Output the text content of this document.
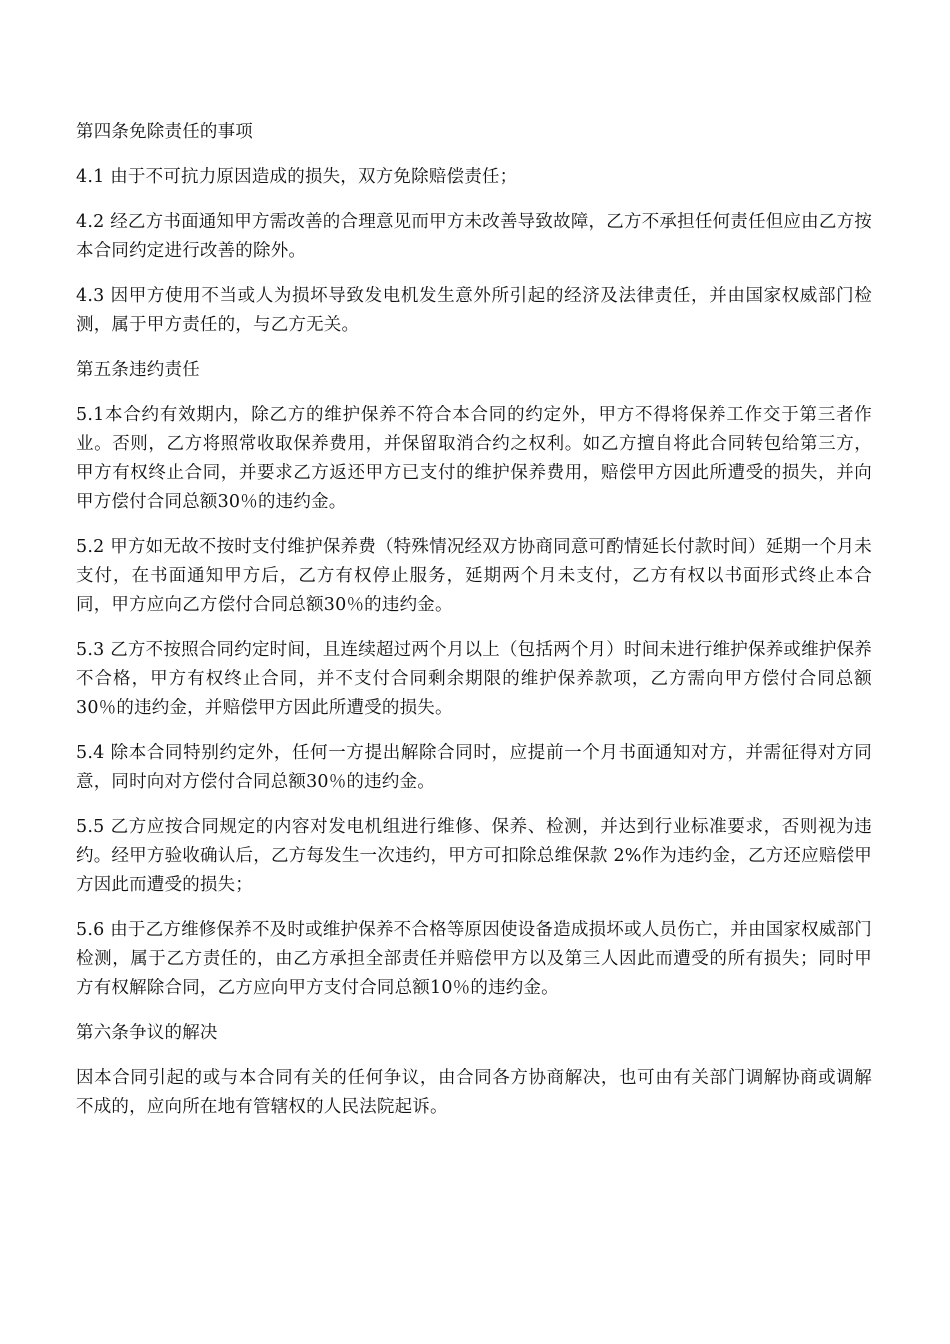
第四条免除责任的事项
4.1 由于不可抗力原因造成的损失，双方免除赔偿责任；
4.2 经乙方书面通知甲方需改善的合理意见而甲方未改善导致故障，乙方不承担任何责任但应由乙方按本合同约定进行改善的除外。
4.3 因甲方使用不当或人为损坏导致发电机发生意外所引起的经济及法律责任，并由国家权威部门检测，属于甲方责任的，与乙方无关。
第五条违约责任
5.1本合约有效期内，除乙方的维护保养不符合本合同的约定外，甲方不得将保养工作交于第三者作业。否则，乙方将照常收取保养费用，并保留取消合约之权利。如乙方擅自将此合同转包给第三方，甲方有权终止合同，并要求乙方返还甲方已支付的维护保养费用，赔偿甲方因此所遭受的损失，并向甲方偿付合同总额30％的违约金。
5.2 甲方如无故不按时支付维护保养费（特殊情况经双方协商同意可酌情延长付款时间）延期一个月未支付，在书面通知甲方后，乙方有权停止服务，延期两个月未支付，乙方有权以书面形式终止本合同，甲方应向乙方偿付合同总额30％的违约金。
5.3 乙方不按照合同约定时间，且连续超过两个月以上（包括两个月）时间未进行维护保养或维护保养不合格，甲方有权终止合同，并不支付合同剩余期限的维护保养款项，乙方需向甲方偿付合同总额30％的违约金，并赔偿甲方因此所遭受的损失。
5.4 除本合同特别约定外，任何一方提出解除合同时，应提前一个月书面通知对方，并需征得对方同意，同时向对方偿付合同总额30％的违约金。
5.5 乙方应按合同规定的内容对发电机组进行维修、保养、检测，并达到行业标准要求，否则视为违约。经甲方验收确认后，乙方每发生一次违约，甲方可扣除总维保款 2%作为违约金，乙方还应赔偿甲方因此而遭受的损失；
5.6 由于乙方维修保养不及时或维护保养不合格等原因使设备造成损坏或人员伤亡，并由国家权威部门检测，属于乙方责任的，由乙方承担全部责任并赔偿甲方以及第三人因此而遭受的所有损失；同时甲方有权解除合同，乙方应向甲方支付合同总额10％的违约金。
第六条争议的解决
因本合同引起的或与本合同有关的任何争议，由合同各方协商解决，也可由有关部门调解协商或调解不成的，应向所在地有管辖权的人民法院起诉。
